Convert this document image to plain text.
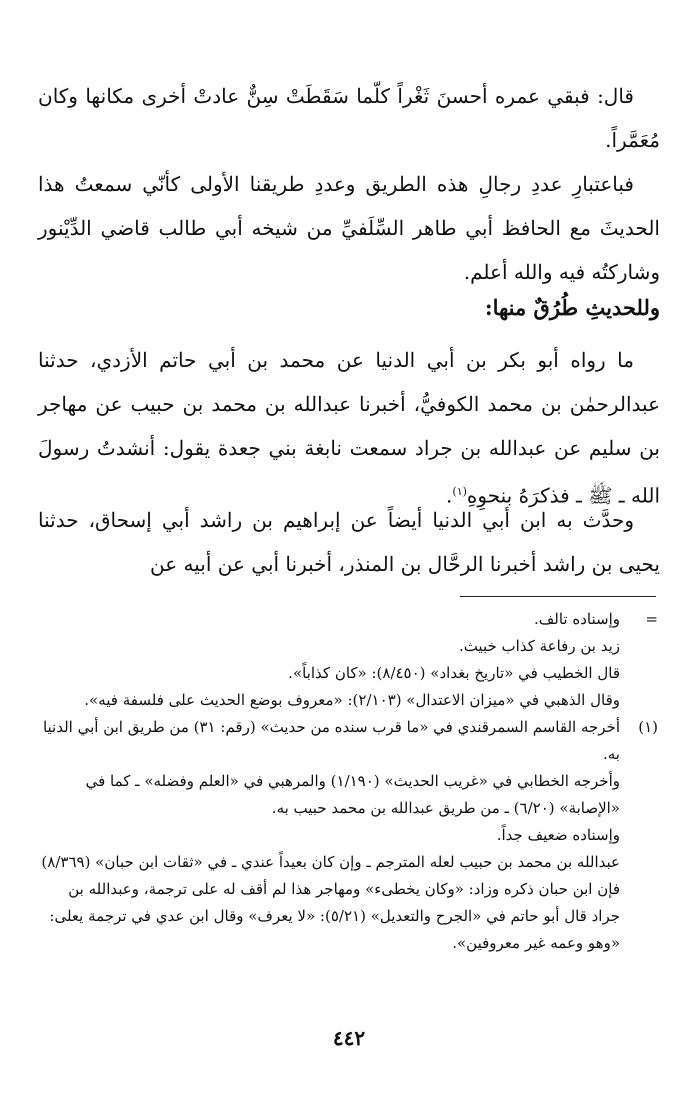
قال: فبقي عمره أحسنَ ثَغْراً كلّما سَقَطَتْ سِنٌّ عادتْ أخرى مكانها وكان مُعَمَّراً.
فباعتبارِ عددِ رجالِ هذه الطريق وعددِ طريقنا الأولى كأنّي سمعتُ هذا الحديثَ مع الحافظ أبي طاهر السِّلَفيِّ من شيخه أبي طالب قاضي الدِّيْنور وشاركتُه فيه والله أعلم.
وللحديثِ طُرُقٌ منها:
ما رواه أبو بكر بن أبي الدنيا عن محمد بن أبي حاتم الأزدي، حدثنا عبدالرحمٰن بن محمد الكوفيُّ، أخبرنا عبدالله بن محمد بن حبيب عن مهاجر بن سليم عن عبدالله بن جراد سمعت نابغة بني جعدة يقول: أنشدتُ رسولَ الله ـ ﷺ ـ فذكرَهُ بنحوِهِ$^{(١)}$.
وحدَّث به ابن أبي الدنيا أيضاً عن إبراهيم بن راشد أبي إسحاق، حدثنا يحيى بن راشد أخبرنا الرحَّال بن المنذر، أخبرنا أبي عن أبيه عن
=
وإسناده تالف.
زيد بن رفاعة كذاب خبيث.
قال الخطيب في «تاريخ بغداد» (٨/٤٥٠): «كان كذاباً».
وقال الذهبي في «ميزان الاعتدال» (٢/١٠٣): «معروف بوضع الحديث على فلسفة فيه».
(١)
أخرجه القاسم السمرقندي في «ما قرب سنده من حديث» (رقم: ٣١) من طريق ابن أبي الدنيا به.
وأخرجه الخطابي في «غريب الحديث» (١/١٩٠) والمرهبي في «العلم وفضله» ـ كما في «الإصابة» (٦/٢٠) ـ من طريق عبدالله بن محمد حبيب به.
وإسناده ضعيف جداً.
عبدالله بن محمد بن حبيب لعله المترجم ـ وإن كان بعيداً عندي ـ في «ثقات ابن حبان» (٨/٣٦٩) فإن ابن حبان ذكره وزاد: «وكان يخطىء» ومهاجر هذا لم أقف له على ترجمة، وعبدالله بن جراد قال أبو حاتم في «الجرح والتعديل» (٥/٢١): «لا يعرف» وقال ابن عدي في ترجمة يعلى:
«وهو وعمه غير معروفين».
٤٤٢
